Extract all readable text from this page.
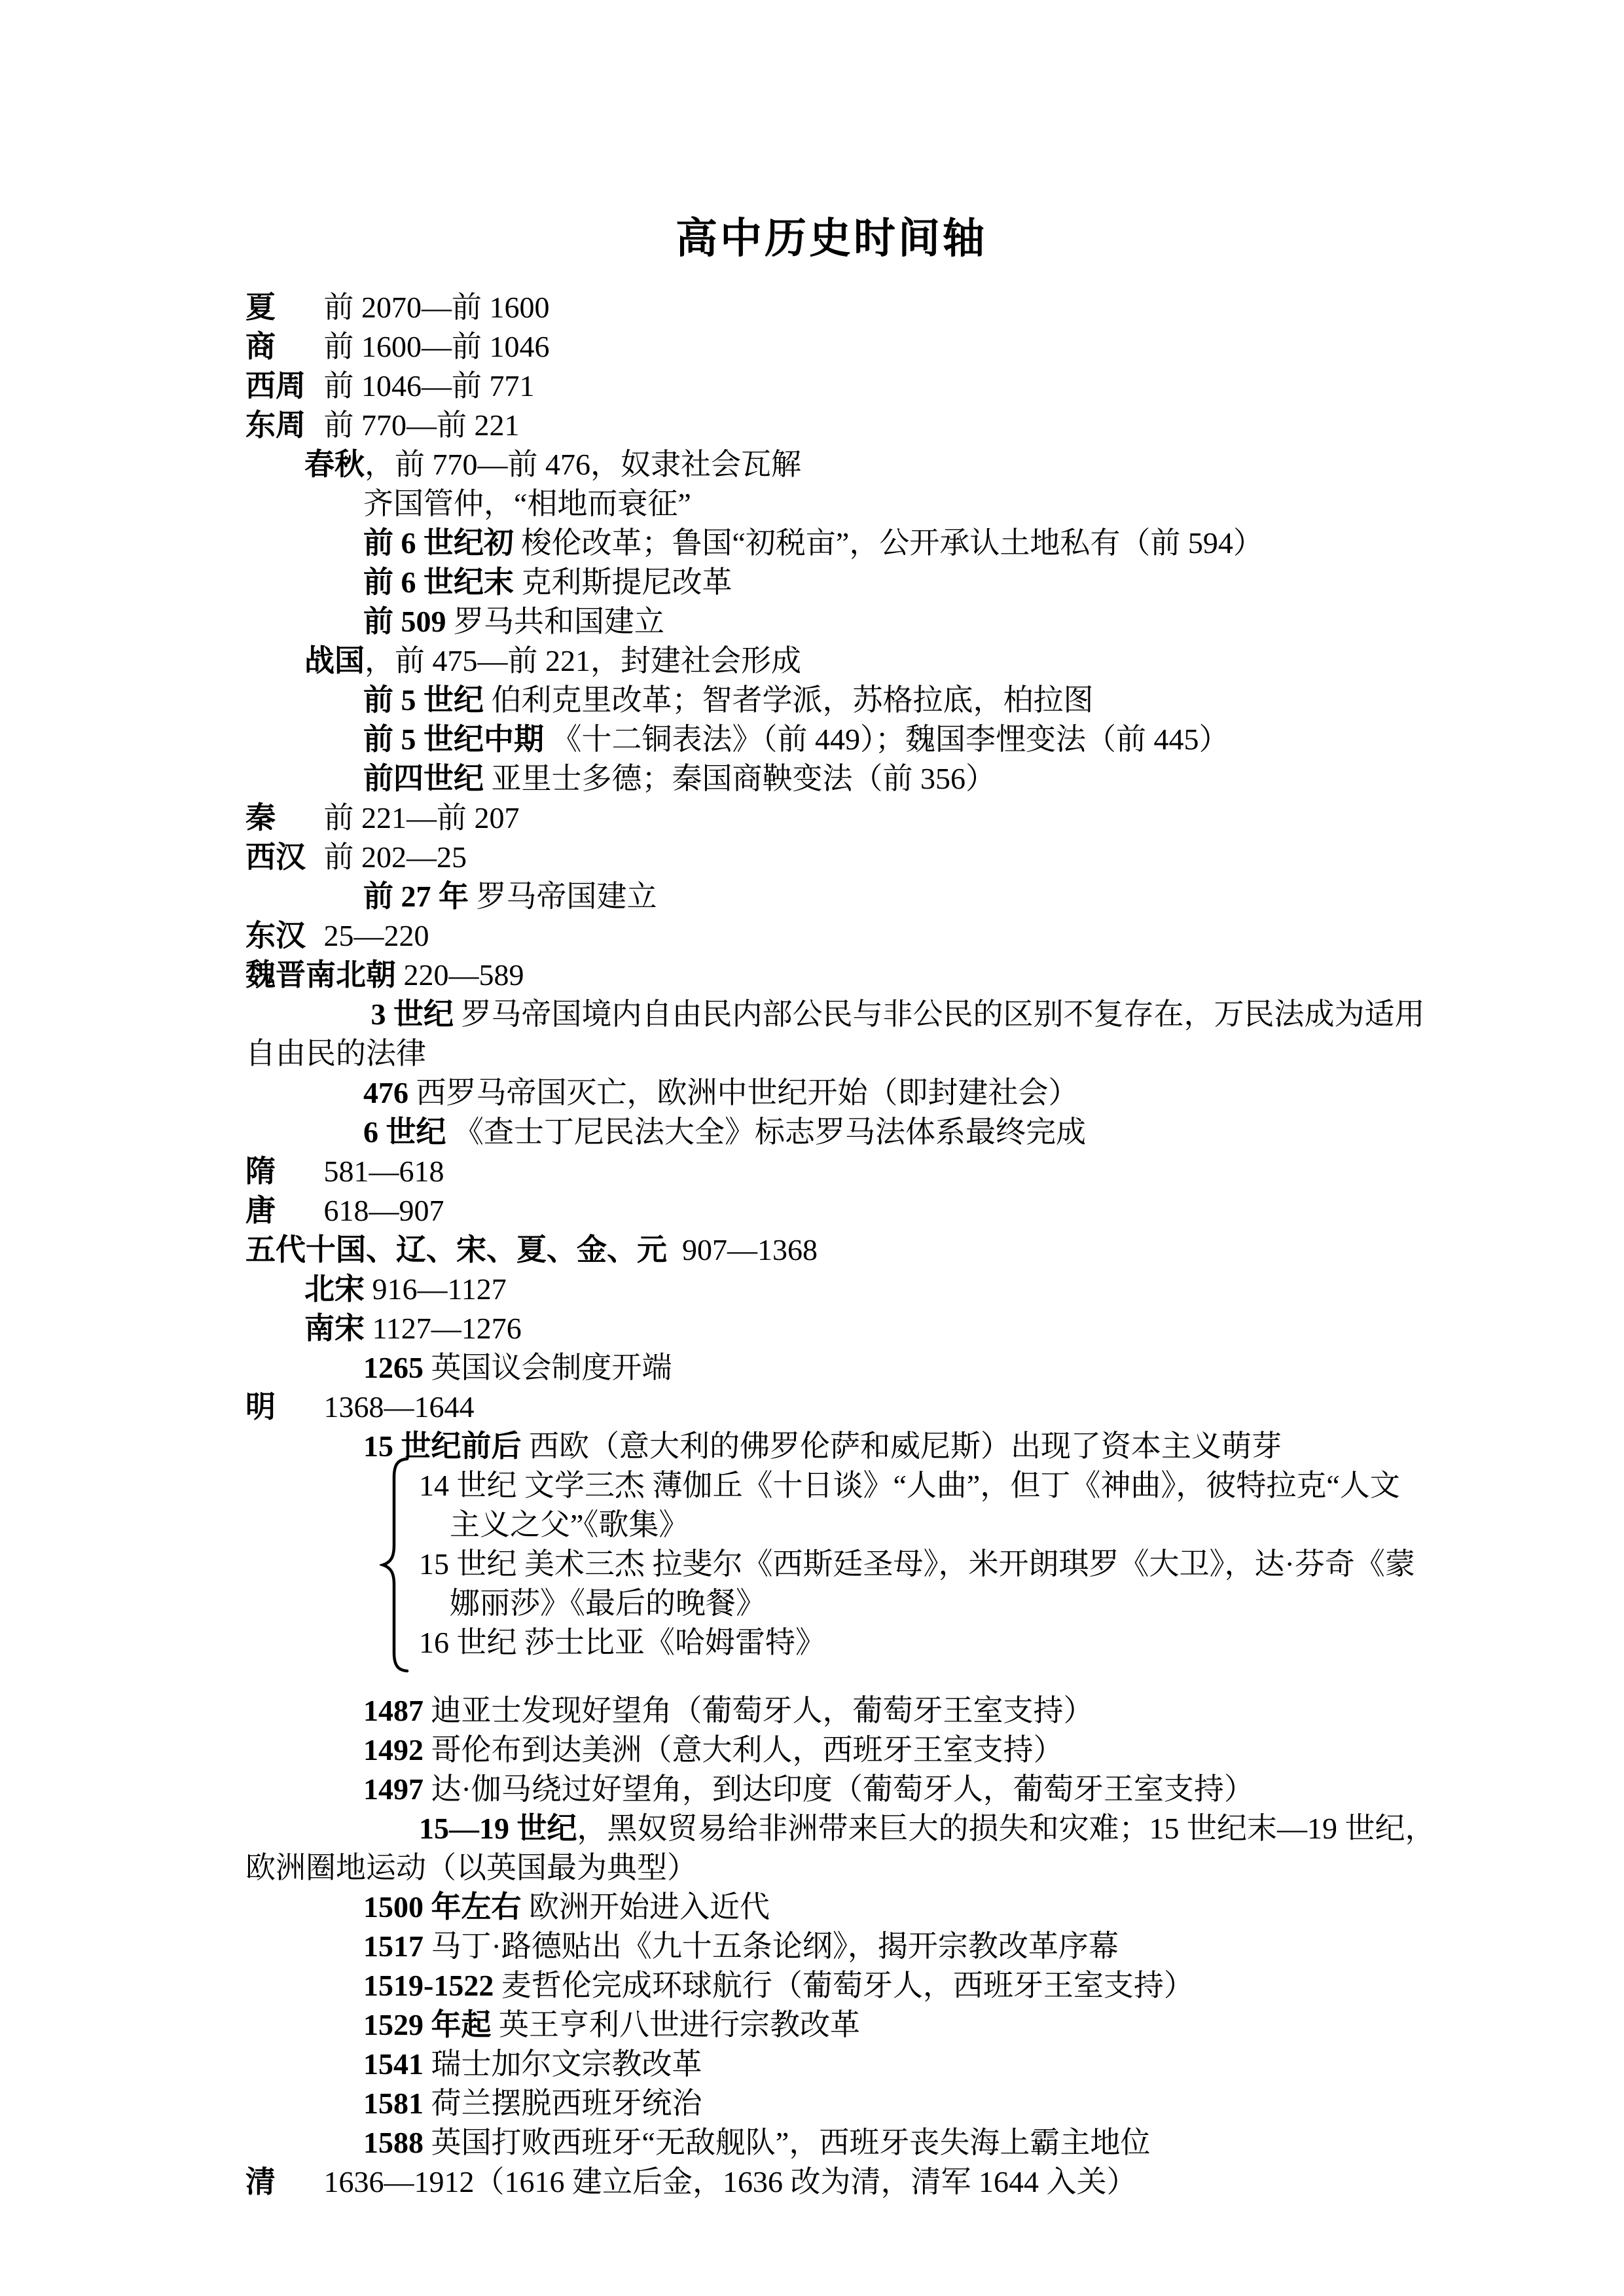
高中历史时间轴
夏 前 2070—前 1600
商 前 1600—前 1046
西周 前 1046—前 771
东周 前 770—前 221
春秋，前 770—前 476，奴隶社会瓦解
齐国管仲，“相地而衰征”
前 6 世纪初 梭伦改革；鲁国“初税亩”，公开承认土地私有（前 594）
前 6 世纪末 克利斯提尼改革
前 509 罗马共和国建立
战国，前 475—前 221，封建社会形成
前 5 世纪 伯利克里改革；智者学派，苏格拉底，柏拉图
前 5 世纪中期 《十二铜表法》（前 449）；魏国李悝变法（前 445）
前四世纪 亚里士多德；秦国商鞅变法（前 356）
秦 前 221—前 207
西汉 前 202—25
前 27 年 罗马帝国建立
东汉 25—220
魏晋南北朝 220—589
3 世纪 罗马帝国境内自由民内部公民与非公民的区别不复存在，万民法成为适用
自由民的法律
476 西罗马帝国灭亡，欧洲中世纪开始（即封建社会）
6 世纪 《查士丁尼民法大全》标志罗马法体系最终完成
隋 581—618
唐 618—907
五代十国、辽、宋、夏、金、元  907—1368
北宋 916—1127
南宋 1127—1276
1265 英国议会制度开端
明 1368—1644
15 世纪前后 西欧（意大利的佛罗伦萨和威尼斯）出现了资本主义萌芽
14 世纪 文学三杰 薄伽丘《十日谈》“人曲”，但丁《神曲》，彼特拉克“人文
主义之父”《歌集》
15 世纪 美术三杰 拉斐尔《西斯廷圣母》，米开朗琪罗《大卫》，达·芬奇《蒙
娜丽莎》《最后的晚餐》
16 世纪 莎士比亚《哈姆雷特》
1487 迪亚士发现好望角（葡萄牙人，葡萄牙王室支持）
1492 哥伦布到达美洲（意大利人，西班牙王室支持）
1497 达·伽马绕过好望角，到达印度（葡萄牙人，葡萄牙王室支持）
15—19 世纪，黑奴贸易给非洲带来巨大的损失和灾难；15 世纪末—19 世纪，
欧洲圈地运动（以英国最为典型）
1500 年左右 欧洲开始进入近代
1517 马丁·路德贴出《九十五条论纲》，揭开宗教改革序幕
1519-1522 麦哲伦完成环球航行（葡萄牙人，西班牙王室支持）
1529 年起 英王亨利八世进行宗教改革
1541 瑞士加尔文宗教改革
1581 荷兰摆脱西班牙统治
1588 英国打败西班牙“无敌舰队”，西班牙丧失海上霸主地位
清 1636—1912（1616 建立后金，1636 改为清，清军 1644 入关）
